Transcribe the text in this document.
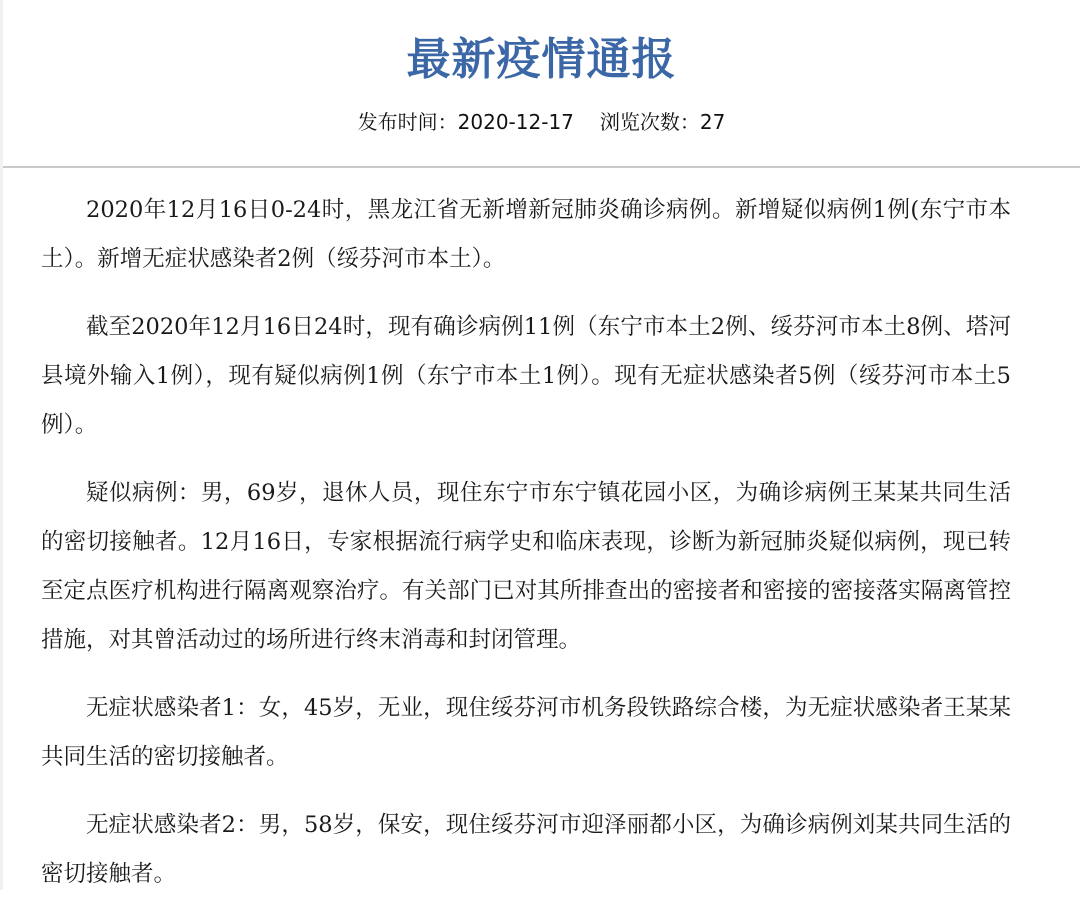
最新疫情通报
发布时间：2020-12-17 浏览次数：27

2020年12月16日0-24时，黑龙江省无新增新冠肺炎确诊病例。新增疑似病例1例(东宁市本土）。新增无症状感染者2例（绥芬河市本土）。

截至2020年12月16日24时，现有确诊病例11例（东宁市本土2例、绥芬河市本土8例、塔河县境外输入1例），现有疑似病例1例（东宁市本土1例）。现有无症状感染者5例（绥芬河市本土5例）。

疑似病例：男，69岁，退休人员，现住东宁市东宁镇花园小区，为确诊病例王某某共同生活的密切接触者。12月16日，专家根据流行病学史和临床表现，诊断为新冠肺炎疑似病例，现已转至定点医疗机构进行隔离观察治疗。有关部门已对其所排查出的密接者和密接的密接落实隔离管控措施，对其曾活动过的场所进行终末消毒和封闭管理。

无症状感染者1：女，45岁，无业，现住绥芬河市机务段铁路综合楼，为无症状感染者王某某共同生活的密切接触者。

无症状感染者2：男，58岁，保安，现住绥芬河市迎泽丽都小区，为确诊病例刘某共同生活的密切接触者。
